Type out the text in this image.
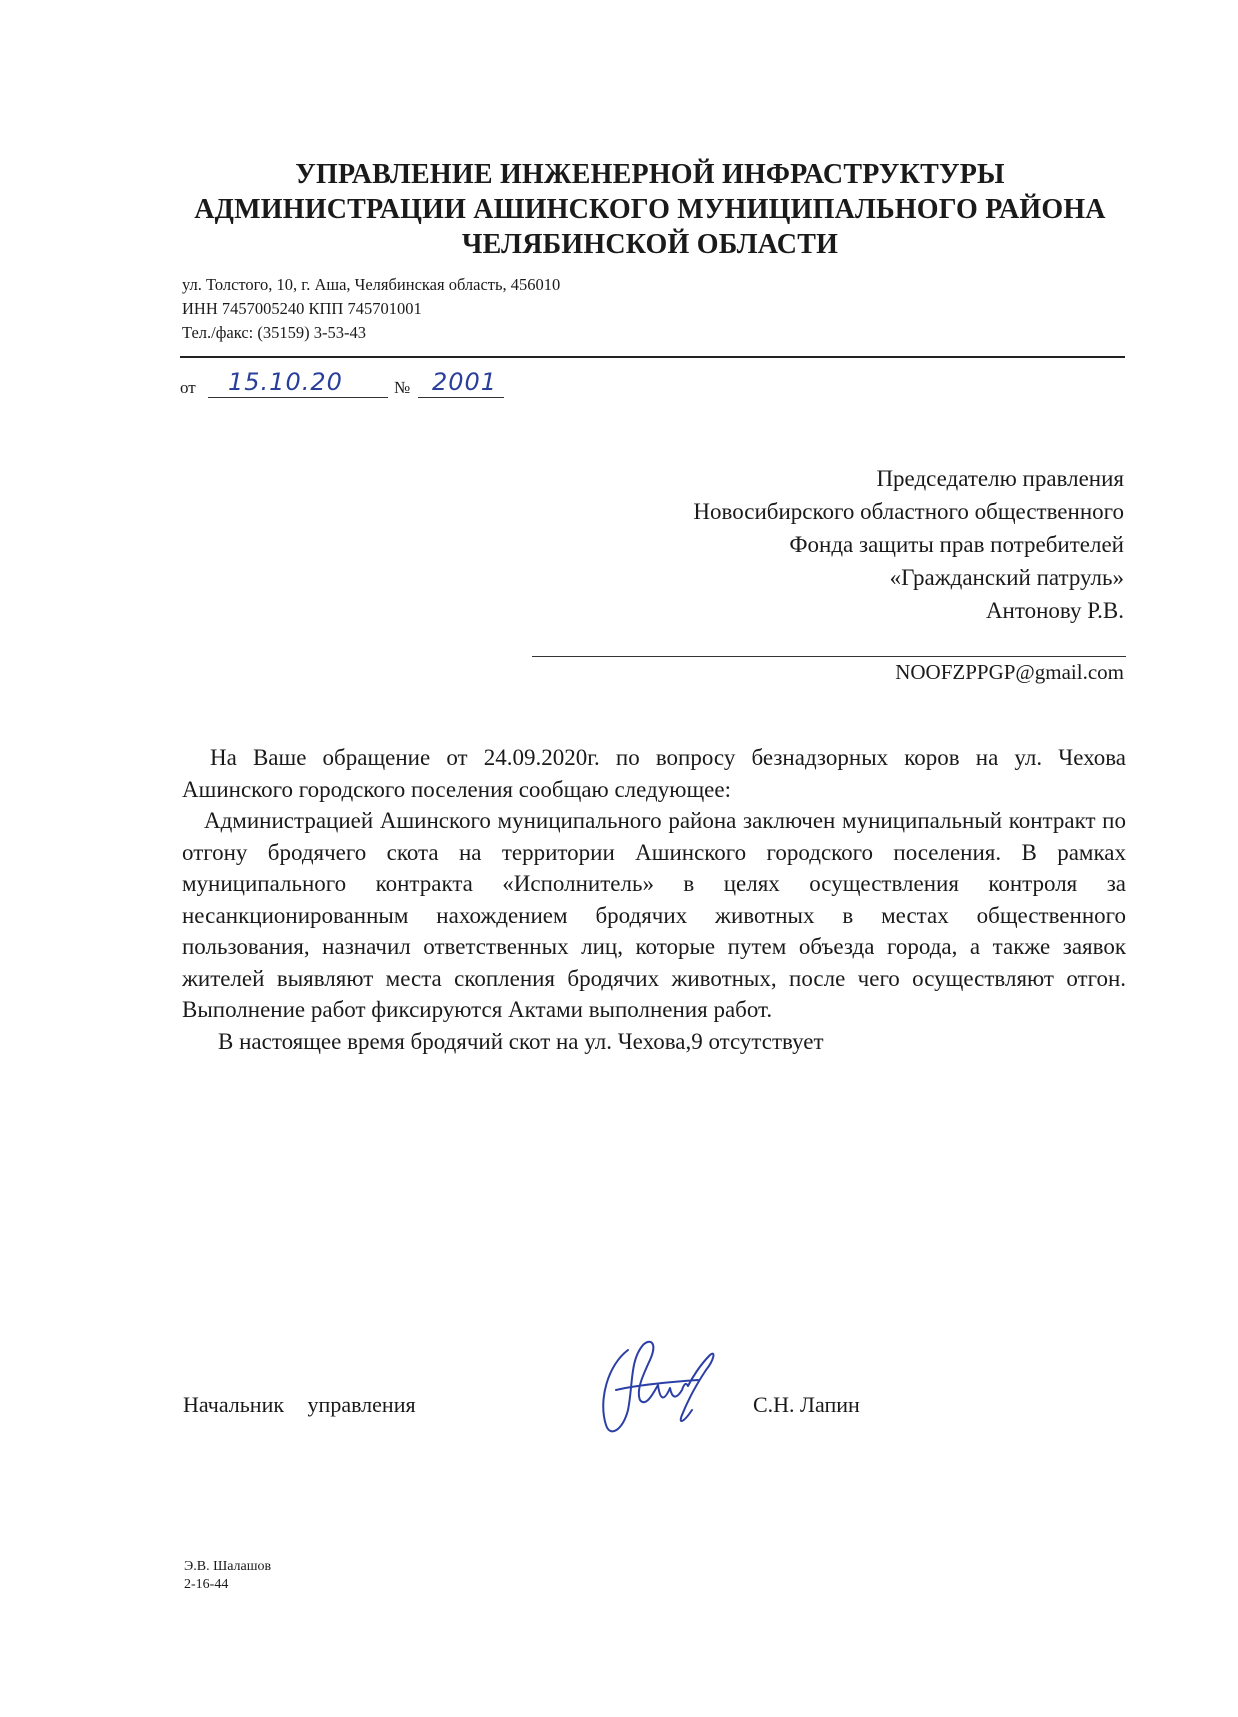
УПРАВЛЕНИЕ ИНЖЕНЕРНОЙ ИНФРАСТРУКТУРЫ
АДМИНИСТРАЦИИ АШИНСКОГО МУНИЦИПАЛЬНОГО РАЙОНА
ЧЕЛЯБИНСКОЙ ОБЛАСТИ
ул. Толстого, 10, г. Аша, Челябинская область, 456010
ИНН 7457005240 КПП 745701001
Тел./факс: (35159) 3-53-43
от 15.10.20	№ 2001
Председателю правления
Новосибирского областного общественного
Фонда защиты прав потребителей
«Гражданский патруль»
Антонову Р.В.
NOOFZPPGP@gmail.com

На Ваше обращение от 24.09.2020г. по вопросу безнадзорных коров на ул. Чехова Ашинского городского поселения сообщаю следующее:

Администрацией Ашинского муниципального района заключен муниципальный контракт по отгону бродячего скота на территории Ашинского городского поселения. В рамках муниципального контракта «Исполнитель» в целях осуществления контроля за несанкционированным нахождением бродячих животных в местах общественного пользования, назначил ответственных лиц, которые путем объезда города, а также заявок жителей выявляют места скопления бродячих животных, после чего осуществляют отгон. Выполнение работ фиксируются Актами выполнения работ.

В настоящее время бродячий скот на ул. Чехова,9 отсутствует

Начальник управления	С.Н. Лапин
Э.В. Шалашов
2-16-44
